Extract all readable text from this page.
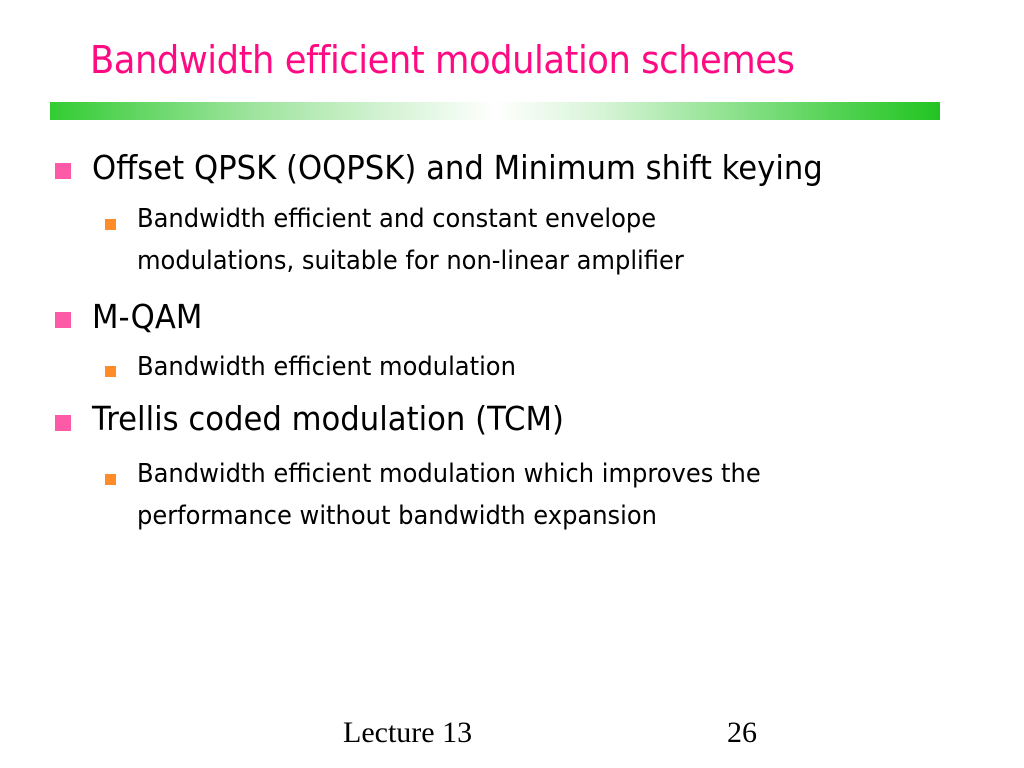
Bandwidth efficient modulation schemes
Offset QPSK (OQPSK) and Minimum shift keying
Bandwidth efficient and constant envelope
modulations, suitable for non-linear amplifier
M-QAM
Bandwidth efficient modulation
Trellis coded modulation (TCM)
Bandwidth efficient modulation which improves the
performance without bandwidth expansion
Lecture 13	26
